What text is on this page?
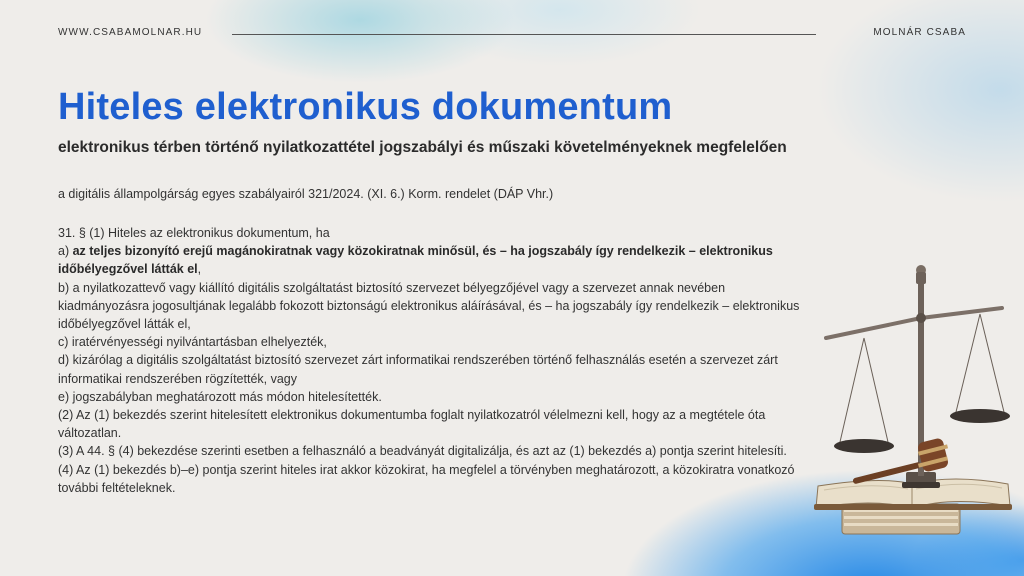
WWW.CSABAMOLNAR.HU	MOLNÁR CSABA
Hiteles elektronikus dokumentum
elektronikus térben történő nyilatkozattétel jogszabályi és műszaki követelményeknek megfelelően
a digitális állampolgárság egyes szabályairól 321/2024. (XI. 6.) Korm. rendelet (DÁP Vhr.)

31. § (1) Hiteles az elektronikus dokumentum, ha

a) az teljes bizonyító erejű magánokiratnak vagy közokiratnak minősül, és – ha jogszabály így rendelkezik – elektronikus időbélyegzővel látták el,

b) a nyilatkozattevő vagy kiállító digitális szolgáltatást biztosító szervezet bélyegzőjével vagy a szervezet annak nevében kiadmányozásra jogosultjának legalább fokozott biztonságú elektronikus aláírásával, és – ha jogszabály így rendelkezik – elektronikus időbélyegzővel látták el,

c) iratérvényességi nyilvántartásban elhelyezték,

d) kizárólag a digitális szolgáltatást biztosító szervezet zárt informatikai rendszerében történő felhasználás esetén a szervezet zárt informatikai rendszerében rögzítették, vagy

e) jogszabályban meghatározott más módon hitelesítették.

(2) Az (1) bekezdés szerint hitelesített elektronikus dokumentumba foglalt nyilatkozatról vélelmezni kell, hogy az a megtétele óta változatlan.

(3) A 44. § (4) bekezdése szerinti esetben a felhasználó a beadványát digitalizálja, és azt az (1) bekezdés a) pontja szerint hitelesíti.

(4) Az (1) bekezdés b)–e) pontja szerint hiteles irat akkor közokirat, ha megfelel a törvényben meghatározott, a közokiratra vonatkozó további feltételeknek.
